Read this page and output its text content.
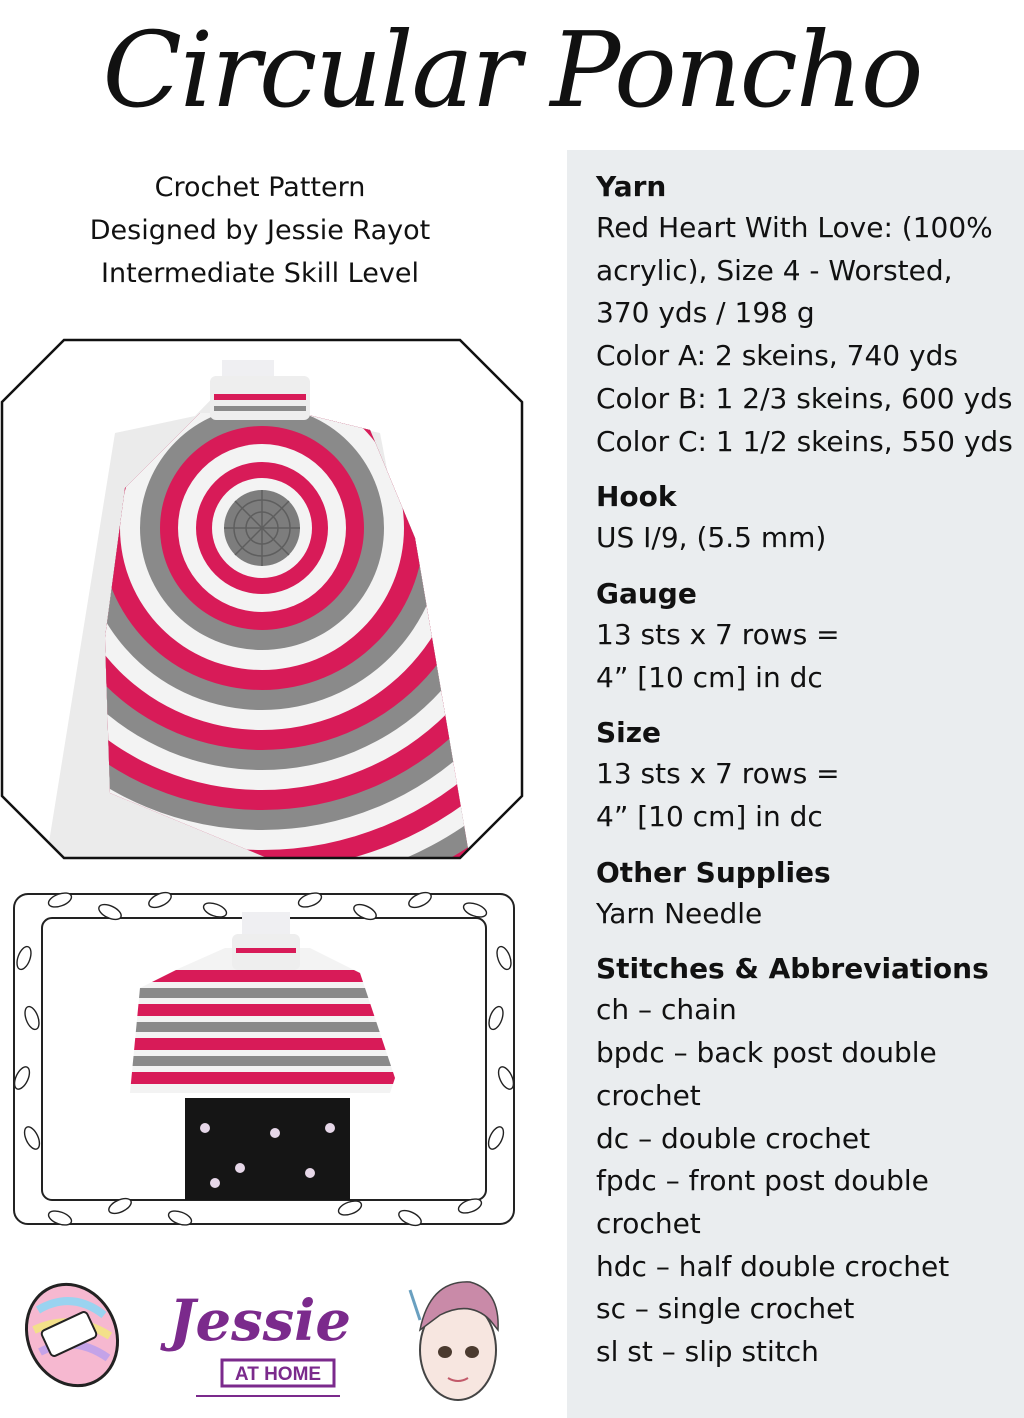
Circular Poncho
Crochet Pattern
Designed by Jessie Rayot
Intermediate Skill Level
Jessie
AT HOME

Yarn

Red Heart With Love: (100%

acrylic), Size 4 - Worsted,

370 yds / 198 g

Color A: 2 skeins, 740 yds

Color B: 1 2/3 skeins, 600 yds

Color C: 1 1/2 skeins, 550 yds

Hook

US I/9, (5.5 mm)

Gauge

13 sts x 7 rows =

4” [10 cm] in dc

Size

13 sts x 7 rows =

4” [10 cm] in dc

Other Supplies

Yarn Needle

Stitches & Abbreviations

ch – chain

bpdc – back post double

crochet

dc – double crochet

fpdc – front post double

crochet

hdc – half double crochet

sc – single crochet

sl st – slip stitch
